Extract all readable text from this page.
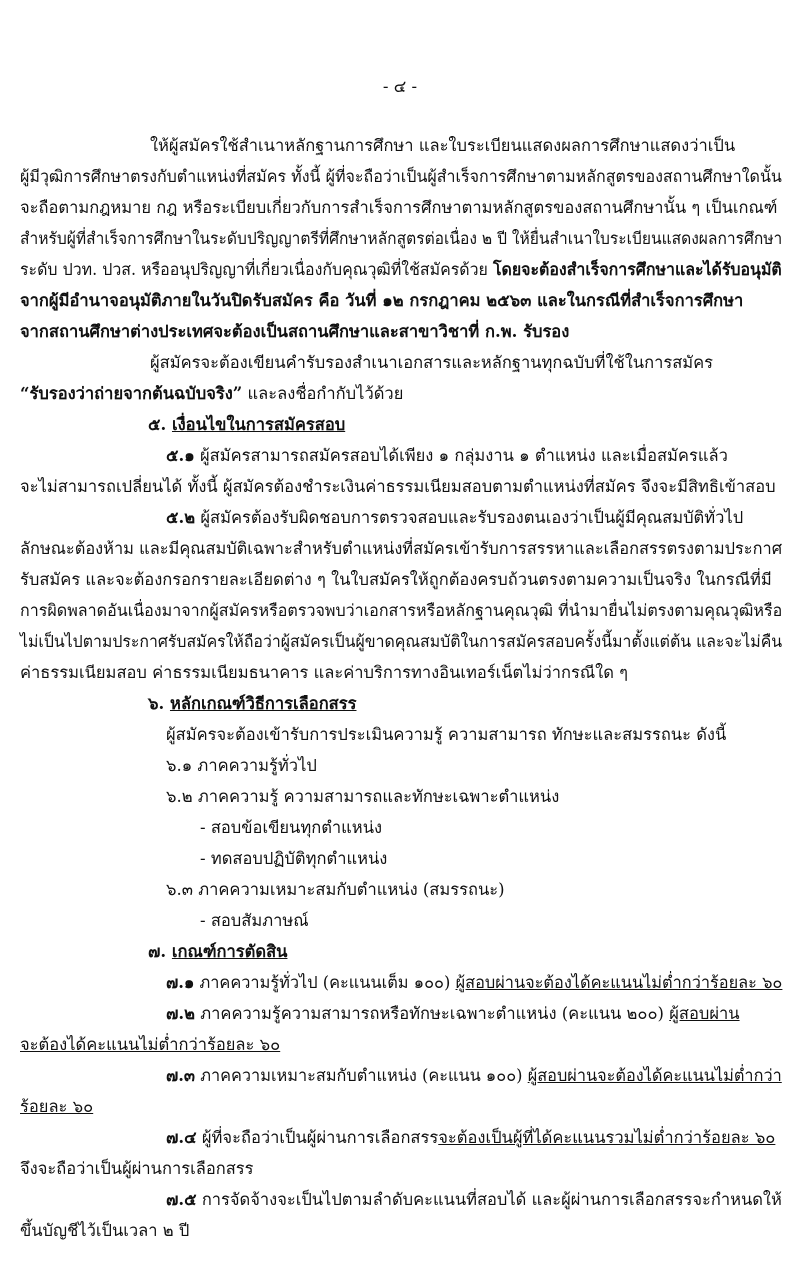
- ๔ -
ให้ผู้สมัครใช้สำเนาหลักฐานการศึกษา และใบระเบียนแสดงผลการศึกษาแสดงว่าเป็น
ผู้มีวุฒิการศึกษาตรงกับตำแหน่งที่สมัคร ทั้งนี้ ผู้ที่จะถือว่าเป็นผู้สำเร็จการศึกษาตามหลักสูตรของสถานศึกษาใดนั้น
จะถือตามกฎหมาย กฎ หรือระเบียบเกี่ยวกับการสำเร็จการศึกษาตามหลักสูตรของสถานศึกษานั้น ๆ เป็นเกณฑ์
สำหรับผู้ที่สำเร็จการศึกษาในระดับปริญญาตรีที่ศึกษาหลักสูตรต่อเนื่อง ๒ ปี ให้ยื่นสำเนาใบระเบียนแสดงผลการศึกษา
ระดับ ปวท. ปวส. หรืออนุปริญญาที่เกี่ยวเนื่องกับคุณวุฒิที่ใช้สมัครด้วย โดยจะต้องสำเร็จการศึกษาและได้รับอนุมัติ
จากผู้มีอำนาจอนุมัติภายในวันปิดรับสมัคร คือ วันที่ ๑๒ กรกฎาคม ๒๕๖๓ และในกรณีที่สำเร็จการศึกษา
จากสถานศึกษาต่างประเทศจะต้องเป็นสถานศึกษาและสาขาวิชาที่ ก.พ. รับรอง
ผู้สมัครจะต้องเขียนคำรับรองสำเนาเอกสารและหลักฐานทุกฉบับที่ใช้ในการสมัคร
“รับรองว่าถ่ายจากต้นฉบับจริง” และลงชื่อกำกับไว้ด้วย
๕. เงื่อนไขในการสมัครสอบ
๕.๑ ผู้สมัครสามารถสมัครสอบได้เพียง ๑ กลุ่มงาน ๑ ตำแหน่ง และเมื่อสมัครแล้ว
จะไม่สามารถเปลี่ยนได้ ทั้งนี้ ผู้สมัครต้องชำระเงินค่าธรรมเนียมสอบตามตำแหน่งที่สมัคร จึงจะมีสิทธิเข้าสอบ
๕.๒ ผู้สมัครต้องรับผิดชอบการตรวจสอบและรับรองตนเองว่าเป็นผู้มีคุณสมบัติทั่วไป
ลักษณะต้องห้าม และมีคุณสมบัติเฉพาะสำหรับตำแหน่งที่สมัครเข้ารับการสรรหาและเลือกสรรตรงตามประกาศ
รับสมัคร และจะต้องกรอกรายละเอียดต่าง ๆ ในใบสมัครให้ถูกต้องครบถ้วนตรงตามความเป็นจริง ในกรณีที่มี
การผิดพลาดอันเนื่องมาจากผู้สมัครหรือตรวจพบว่าเอกสารหรือหลักฐานคุณวุฒิ ที่นำมายื่นไม่ตรงตามคุณวุฒิหรือ
ไม่เป็นไปตามประกาศรับสมัครให้ถือว่าผู้สมัครเป็นผู้ขาดคุณสมบัติในการสมัครสอบครั้งนี้มาตั้งแต่ต้น และจะไม่คืน
ค่าธรรมเนียมสอบ ค่าธรรมเนียมธนาคาร และค่าบริการทางอินเทอร์เน็ตไม่ว่ากรณีใด ๆ
๖. หลักเกณฑ์วิธีการเลือกสรร
ผู้สมัครจะต้องเข้ารับการประเมินความรู้ ความสามารถ ทักษะและสมรรถนะ ดังนี้
๖.๑ ภาคความรู้ทั่วไป
๖.๒ ภาคความรู้ ความสามารถและทักษะเฉพาะตำแหน่ง
- สอบข้อเขียนทุกตำแหน่ง
- ทดสอบปฏิบัติทุกตำแหน่ง
๖.๓ ภาคความเหมาะสมกับตำแหน่ง (สมรรถนะ)
- สอบสัมภาษณ์
๗. เกณฑ์การตัดสิน
๗.๑ ภาคความรู้ทั่วไป (คะแนนเต็ม ๑๐๐) ผู้สอบผ่านจะต้องได้คะแนนไม่ต่ำกว่าร้อยละ ๖๐
๗.๒ ภาคความรู้ความสามารถหรือทักษะเฉพาะตำแหน่ง (คะแนน ๒๐๐) ผู้สอบผ่าน
จะต้องได้คะแนนไม่ต่ำกว่าร้อยละ ๖๐
๗.๓ ภาคความเหมาะสมกับตำแหน่ง (คะแนน ๑๐๐) ผู้สอบผ่านจะต้องได้คะแนนไม่ต่ำกว่า
ร้อยละ ๖๐
๗.๔ ผู้ที่จะถือว่าเป็นผู้ผ่านการเลือกสรรจะต้องเป็นผู้ที่ได้คะแนนรวมไม่ต่ำกว่าร้อยละ ๖๐
จึงจะถือว่าเป็นผู้ผ่านการเลือกสรร
๗.๕ การจัดจ้างจะเป็นไปตามลำดับคะแนนที่สอบได้ และผู้ผ่านการเลือกสรรจะกำหนดให้
ขึ้นบัญชีไว้เป็นเวลา ๒ ปี
